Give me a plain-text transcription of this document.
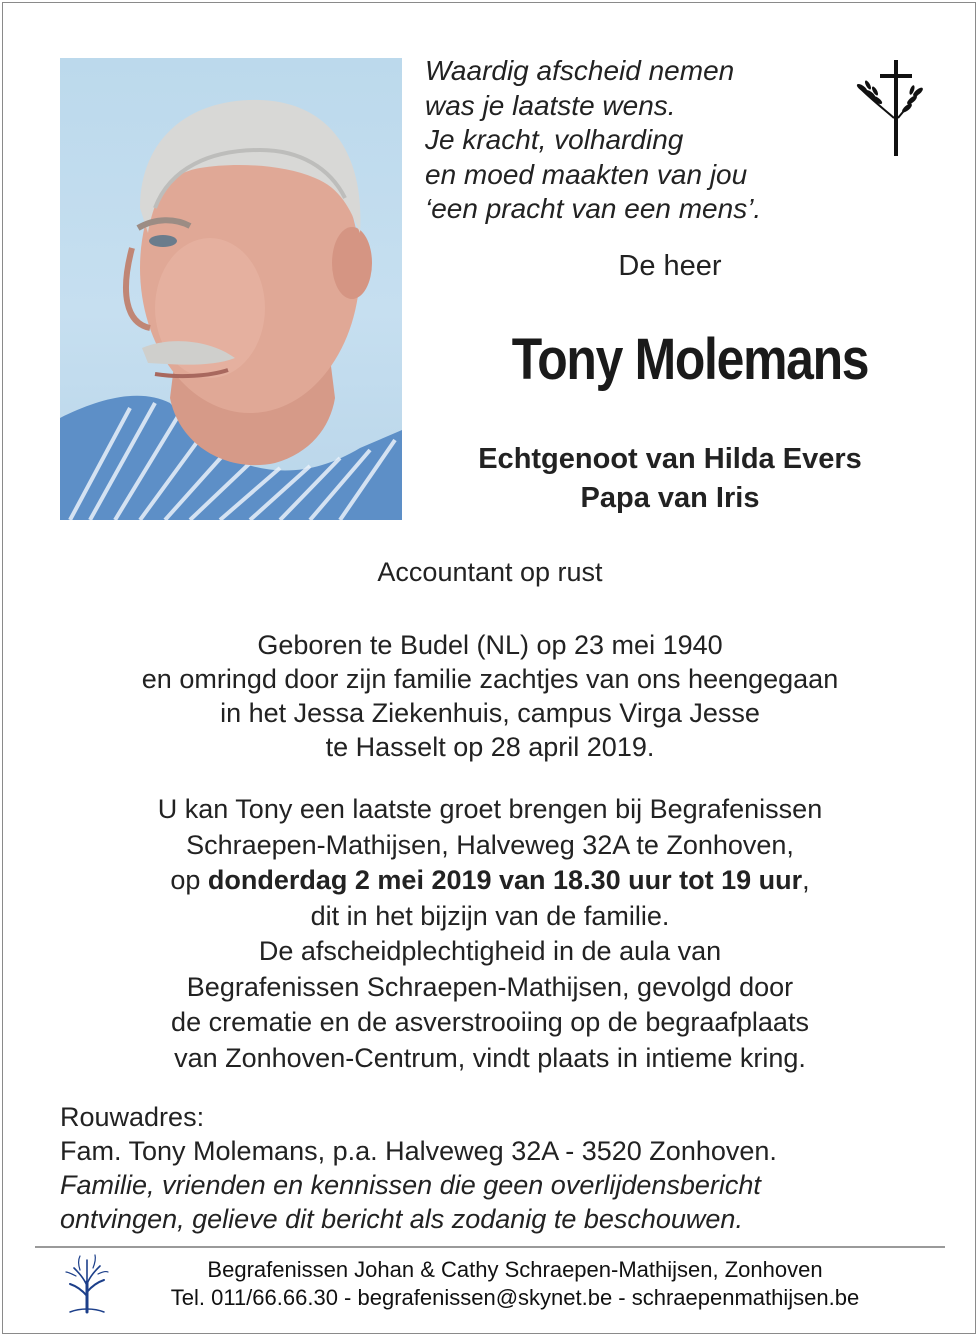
Waardig afscheid nemen
was je laatste wens.
Je kracht, volharding
en moed maakten van jou
‘een pracht van een mens’.
De heer
Tony Molemans
Echtgenoot van Hilda Evers
Papa van Iris
Accountant op rust
Geboren te Budel (NL) op 23 mei 1940
en omringd door zijn familie zachtjes van ons heengegaan
in het Jessa Ziekenhuis, campus Virga Jesse
te Hasselt op 28 april 2019.
U kan Tony een laatste groet brengen bij Begrafenissen
Schraepen-Mathijsen, Halveweg 32A te Zonhoven,
op donderdag 2 mei 2019 van 18.30 uur tot 19 uur,
dit in het bijzijn van de familie.
De afscheidplechtigheid in de aula van
Begrafenissen Schraepen-Mathijsen, gevolgd door
de crematie en de asverstrooiing op de begraafplaats
van Zonhoven-Centrum, vindt plaats in intieme kring.
Rouwadres:
Fam. Tony Molemans, p.a. Halveweg 32A - 3520 Zonhoven.
Familie, vrienden en kennissen die geen overlijdensbericht
ontvingen, gelieve dit bericht als zodanig te beschouwen.
Begrafenissen Johan & Cathy Schraepen-Mathijsen, Zonhoven
Tel. 011/66.66.30 - begrafenissen@skynet.be - schraepenmathijsen.be
